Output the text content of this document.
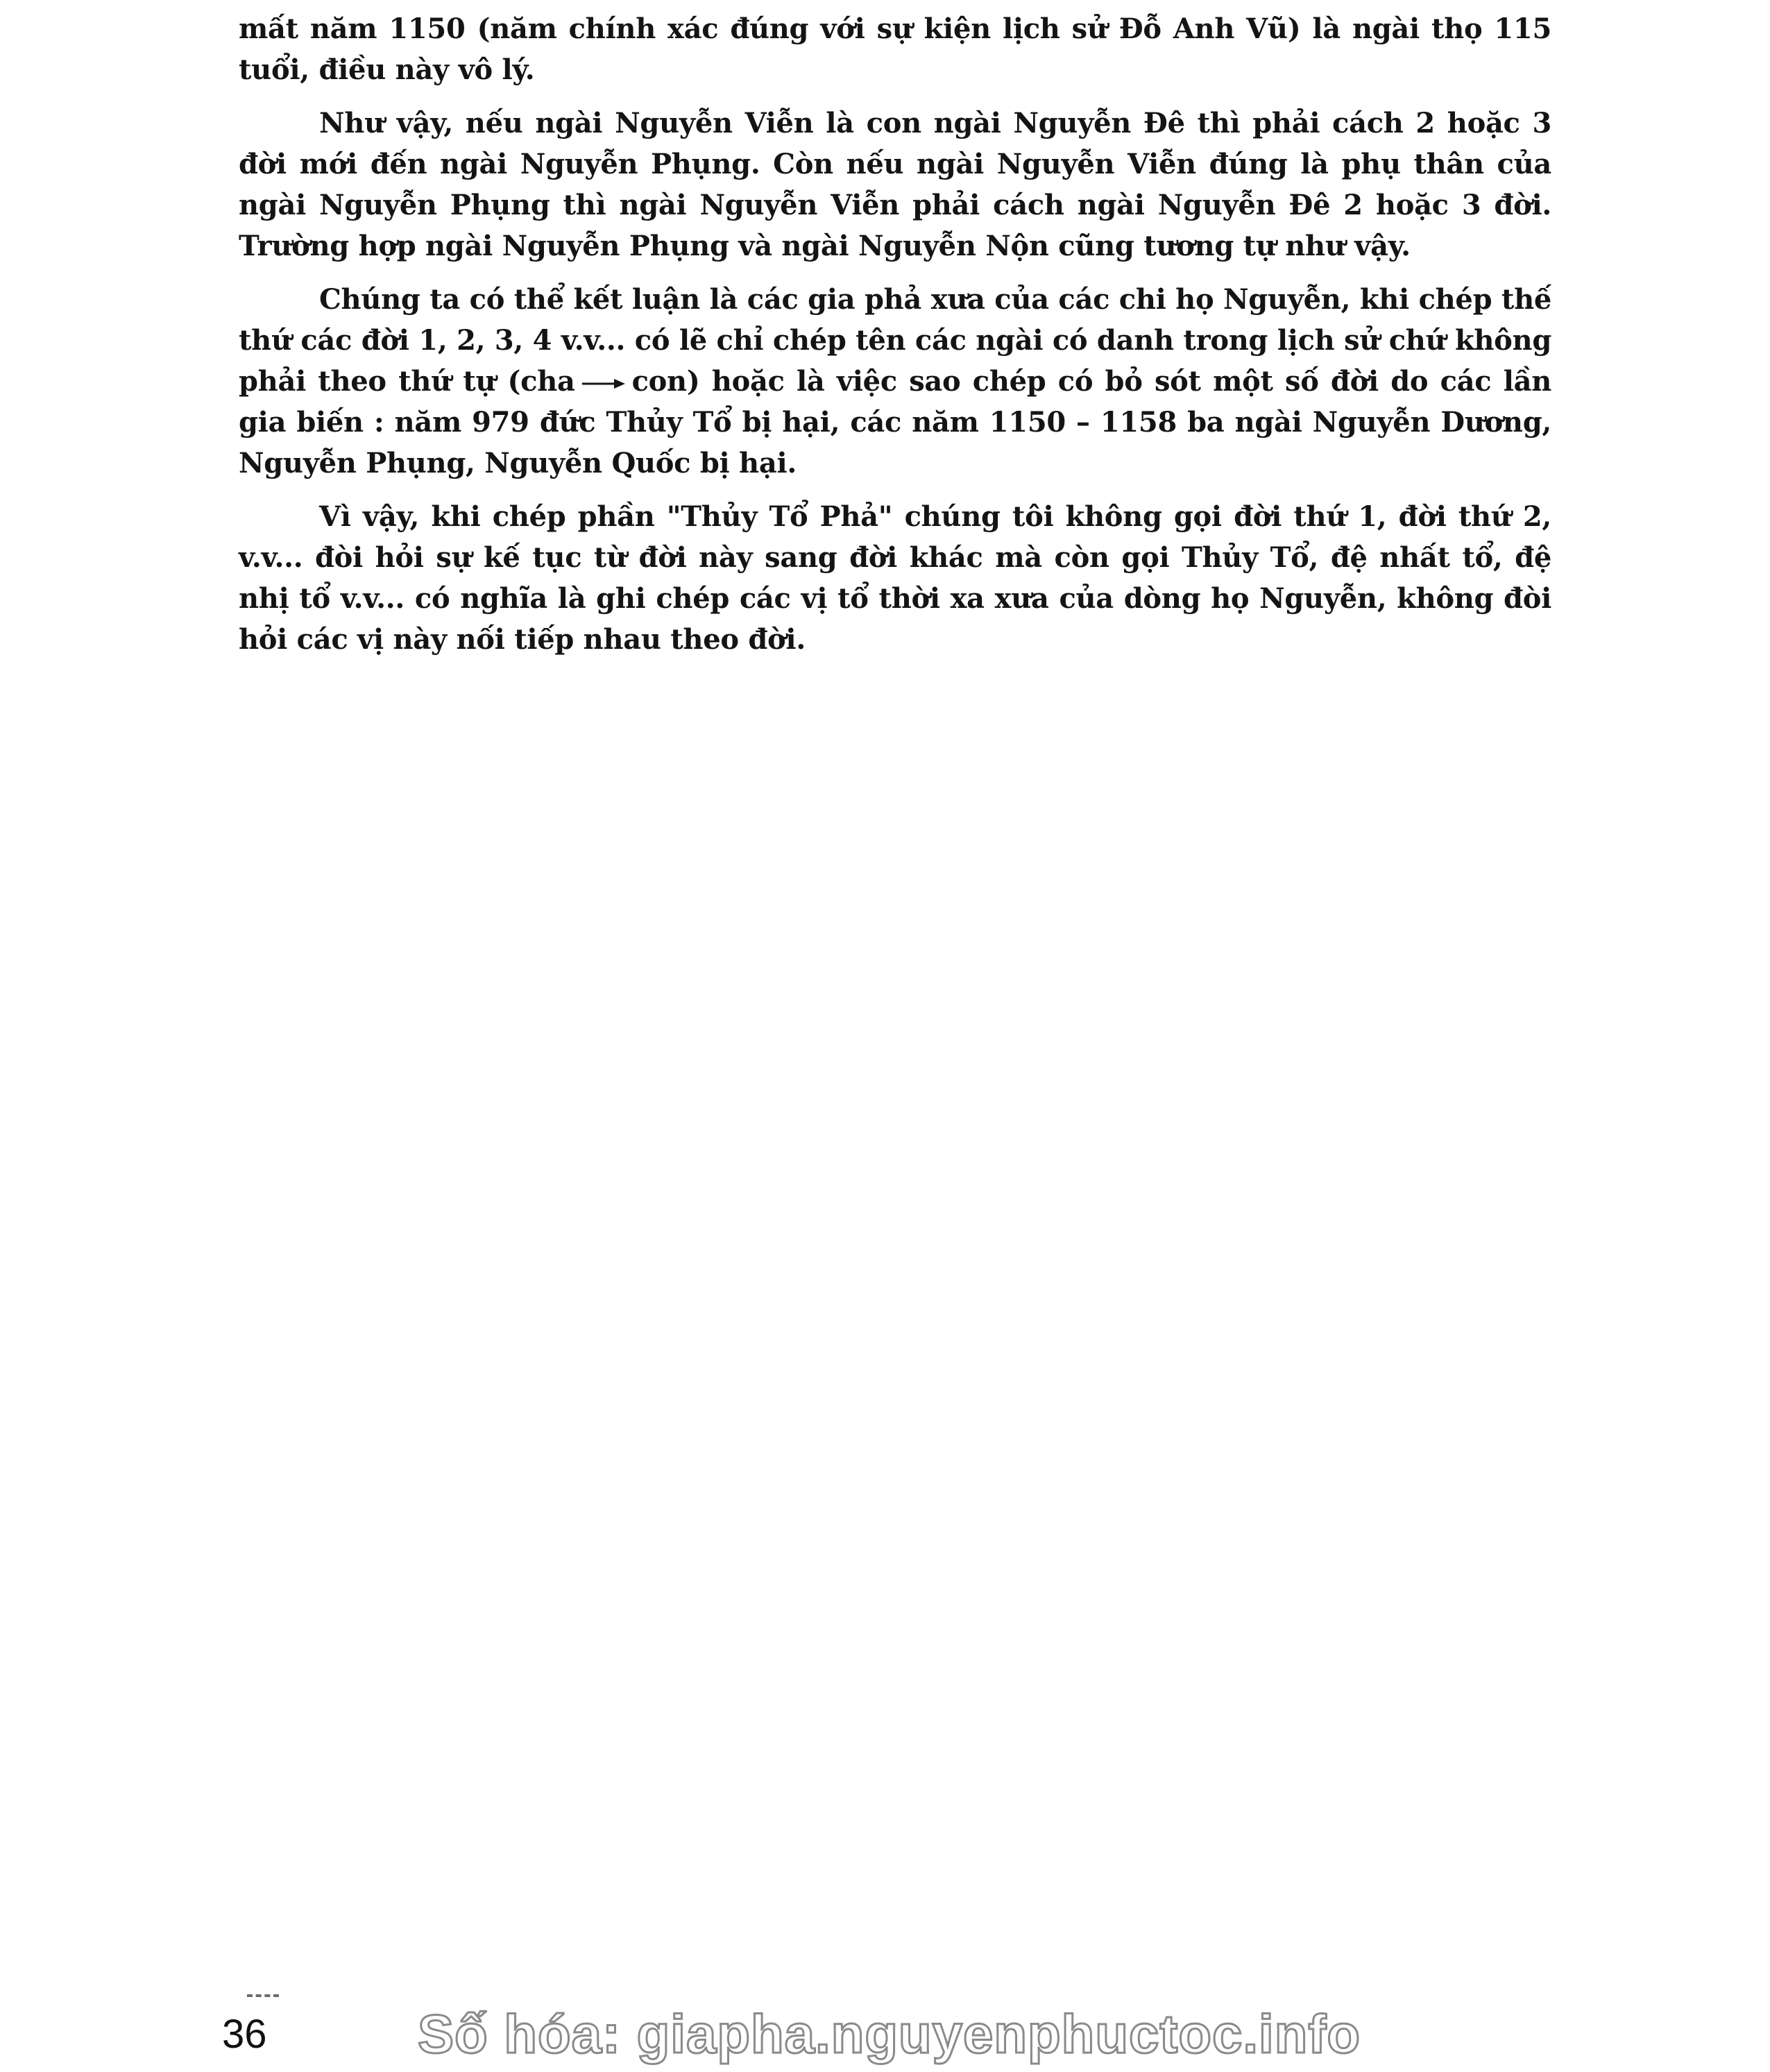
mất năm 1150 (năm chính xác đúng với sự kiện lịch sử Đỗ Anh Vũ) là ngài thọ 115 tuổi, điều này vô lý.

Như vậy, nếu ngài Nguyễn Viễn là con ngài Nguyễn Đê thì phải cách 2 hoặc 3 đời mới đến ngài Nguyễn Phụng. Còn nếu ngài Nguyễn Viễn đúng là phụ thân của ngài Nguyễn Phụng thì ngài Nguyễn Viễn phải cách ngài Nguyễn Đê 2 hoặc 3 đời. Trường hợp ngài Nguyễn Phụng và ngài Nguyễn Nộn cũng tương tự như vậy.

Chúng ta có thể kết luận là các gia phả xưa của các chi họ Nguyễn, khi chép thế thứ các đời 1, 2, 3, 4 v.v... có lẽ chỉ chép tên các ngài có danh trong lịch sử chứ không phải theo thứ tự (cha con) hoặc là việc sao chép có bỏ sót một số đời do các lần gia biến : năm 979 đức Thủy Tổ bị hại, các năm 1150 – 1158 ba ngài Nguyễn Dương, Nguyễn Phụng, Nguyễn Quốc bị hại.

Vì vậy, khi chép phần "Thủy Tổ Phả" chúng tôi không gọi đời thứ 1, đời thứ 2, v.v... đòi hỏi sự kế tục từ đời này sang đời khác mà còn gọi Thủy Tổ, đệ nhất tổ, đệ nhị tổ v.v... có nghĩa là ghi chép các vị tổ thời xa xưa của dòng họ Nguyễn, không đòi hỏi các vị này nối tiếp nhau theo đời.

36	Số hóa: giapha.nguyenphuctoc.info
